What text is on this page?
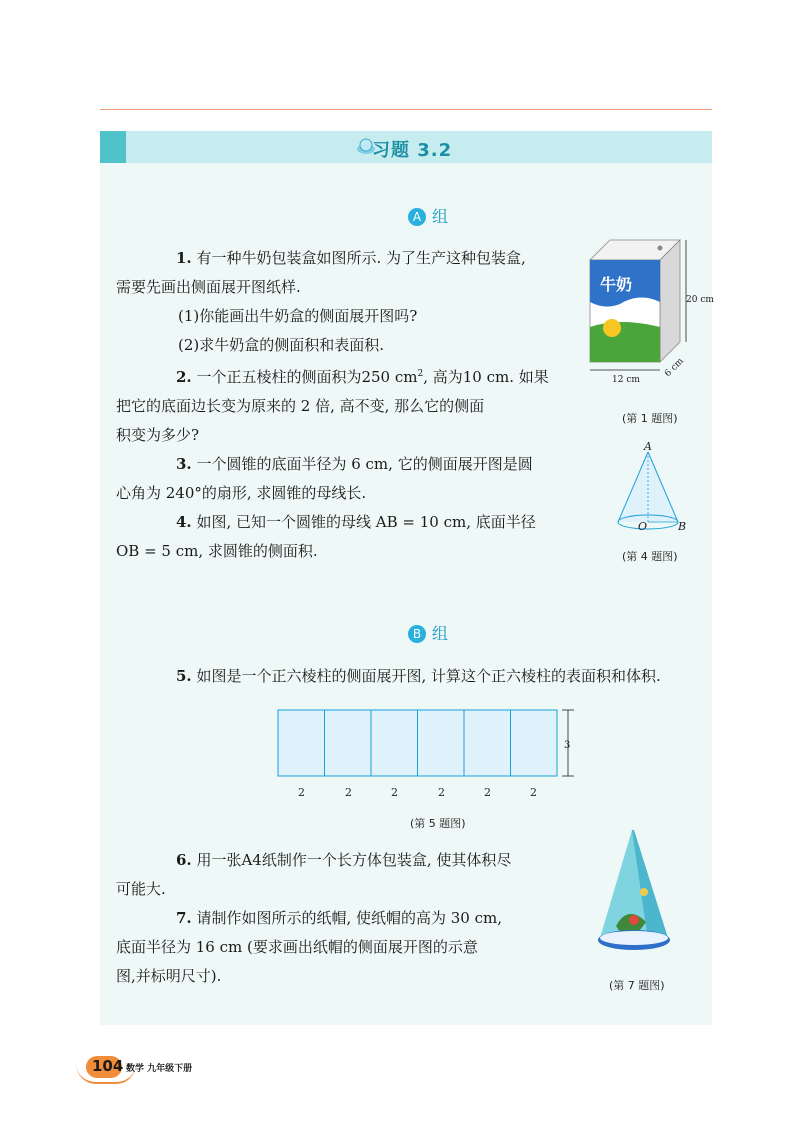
习题 3.2
A 组
1. 有一种牛奶包装盒如图所示. 为了生产这种包装盒,
需要先画出侧面展开图纸样.
(1)你能画出牛奶盒的侧面展开图吗?
(2)求牛奶盒的侧面积和表面积.
2. 一个正五棱柱的侧面积为250 $cm^2$, 高为10 cm. 如果
把它的底面边长变为原来的 2 倍, 高不变, 那么它的侧面
积变为多少?
3. 一个圆锥的底面半径为 6 cm, 它的侧面展开图是圆
心角为 240°的扇形, 求圆锥的母线长.
4. 如图, 已知一个圆锥的母线 AB = 10 cm, 底面半径
OB = 5 cm, 求圆锥的侧面积.
牛奶
20 cm
12 cm
6 cm
(第 1 题图)
A
O	B
(第 4 题图)
B 组
5. 如图是一个正六棱柱的侧面展开图, 计算这个正六棱柱的表面积和体积.
3
2	2	2	2	2	2
(第 5 题图)
6. 用一张A4纸制作一个长方体包装盒, 使其体积尽
可能大.
7. 请制作如图所示的纸帽, 使纸帽的高为 30 cm,
底面半径为 16 cm (要求画出纸帽的侧面展开图的示意
图,并标明尺寸).
(第 7 题图)
104 数学 九年级下册
